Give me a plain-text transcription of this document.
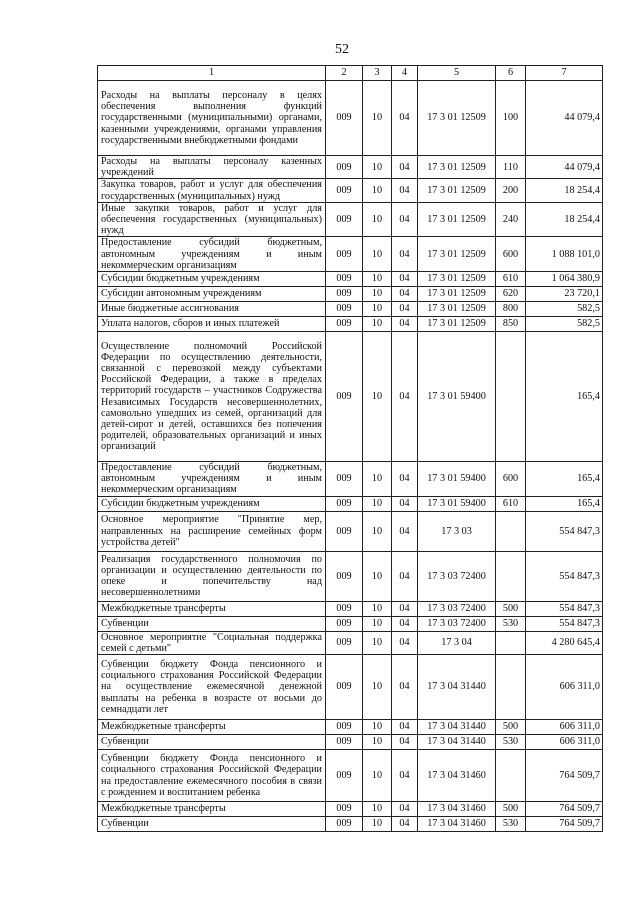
52
1	2	3	4	5	6	7
Расходы на выплаты персоналу в целях обеспечения выполнения функций государственными (муниципальными) органами, казенными учреждениями, органами управления государственными внебюджетными фондами	009	10	04	17 3 01 12509	100	44 079,4
Расходы на выплаты персоналу казенных учреждений	009	10	04	17 3 01 12509	110	44 079,4
Закупка товаров, работ и услуг для обеспечения государственных (муниципальных) нужд	009	10	04	17 3 01 12509	200	18 254,4
Иные закупки товаров, работ и услуг для обеспечения государственных (муниципальных) нужд	009	10	04	17 3 01 12509	240	18 254,4
Предоставление субсидий бюджетным, автономным учреждениям и иным некоммерческим организациям	009	10	04	17 3 01 12509	600	1 088 101,0
Субсидии бюджетным учреждениям	009	10	04	17 3 01 12509	610	1 064 380,9
Субсидии автономным учреждениям	009	10	04	17 3 01 12509	620	23 720,1
Иные бюджетные ассигнования	009	10	04	17 3 01 12509	800	582,5
Уплата налогов, сборов и иных платежей	009	10	04	17 3 01 12509	850	582,5
Осуществление полномочий Российской Федерации по осуществлению деятельности, связанной с перевозкой между субъектами Российской Федерации, а также в пределах территорий государств – участников Содружества Независимых Государств несовершеннолетних, самовольно ушедших из семей, организаций для детей-сирот и детей, оставшихся без попечения родителей, образовательных организаций и иных организаций	009	10	04	17 3 01 59400		165,4
Предоставление субсидий бюджетным, автономным учреждениям и иным некоммерческим организациям	009	10	04	17 3 01 59400	600	165,4
Субсидии бюджетным учреждениям	009	10	04	17 3 01 59400	610	165,4
Основное мероприятие "Принятие мер, направленных на расширение семейных форм устройства детей"	009	10	04	17 3 03		554 847,3
Реализация государственного полномочия по организации и осуществлению деятельности по опеке и попечительству над несовершеннолетними	009	10	04	17 3 03 72400		554 847,3
Межбюджетные трансферты	009	10	04	17 3 03 72400	500	554 847,3
Субвенции	009	10	04	17 3 03 72400	530	554 847,3
Основное мероприятие "Социальная поддержка семей с детьми"	009	10	04	17 3 04		4 280 645,4
Субвенции бюджету Фонда пенсионного и социального страхования Российской Федерации на осуществление ежемесячной денежной выплаты на ребенка в возрасте от восьми до семнадцати лет	009	10	04	17 3 04 31440		606 311,0
Межбюджетные трансферты	009	10	04	17 3 04 31440	500	606 311,0
Субвенции	009	10	04	17 3 04 31440	530	606 311,0
Субвенции бюджету Фонда пенсионного и социального страхования Российской Федерации на предоставление ежемесячного пособия в связи с рождением и воспитанием ребенка	009	10	04	17 3 04 31460		764 509,7
Межбюджетные трансферты	009	10	04	17 3 04 31460	500	764 509,7
Субвенции	009	10	04	17 3 04 31460	530	764 509,7
